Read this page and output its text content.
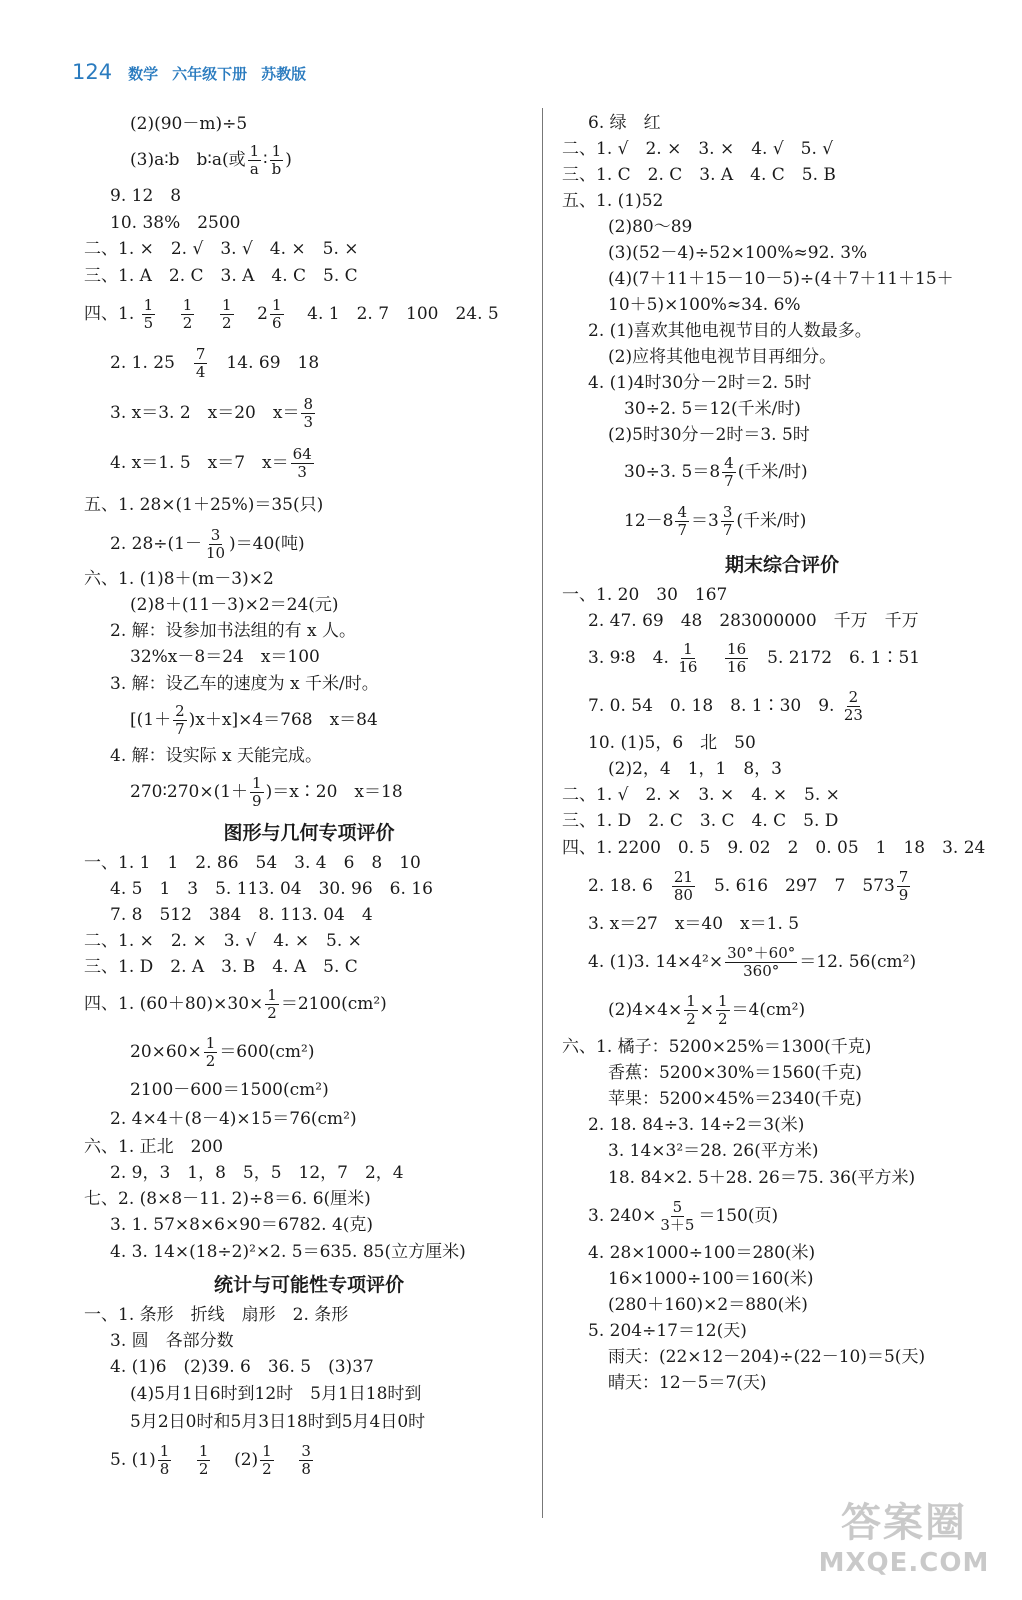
124 数学 六年级下册 苏教版
(2)(90－m)÷5
(3)a∶b　b∶a(或 $\frac{1}{a}$ ∶ $\frac{1}{b}$ )
9. 12　8
10. 38%　2500
二、1. ×　2. √　3. √　4. ×　5. ×
三、1. A　2. C　3. A　4. C　5. C
四、1. $\frac{1}{5}$

$\frac{1}{2}$

$\frac{1}{2}$

$2 \frac{1}{6}$

4. 1　2. 7　100　24. 5
2. 1. 25　 $\frac{7}{4}$ 　14. 69　18
3. x＝3. 2　x＝20　$x= \frac{8}{3}$
4. x＝1. 5　x＝7　$x= \frac{64}{3}$
五、1. 28×(1＋25%)＝35(只)
2. $28\div(1- \frac{3}{10} )=40$(吨)
六、1. (1)8＋(m－3)×2
(2)8＋(11－3)×2＝24(元)
2. 解：设参加书法组的有 x 人。
32%x－8＝24　x＝100
3. 解：设乙车的速度为 x 千米/时。
$[(1+ \frac{2}{7} )x+x]\times 4=768$　x＝84
4. 解：设实际 x 天能完成。
270∶270×(1＋ $\frac{1}{9}$ )＝x∶20　x＝18
图形与几何专项评价
一、1. 1　1　2. 86　54　3. 4　6　8　10
4. 5　1　3　5. 113. 04　30. 96　6. 16
7. 8　512　384　8. 113. 04　4
二、1. ×　2. ×　3. √　4. ×　5. ×
三、1. D　2. A　3. B　4. A　5. C
四、1. $(60+80)\times 30\times \frac{1}{2} =2100(cm^2)$
$20\times 60\times \frac{1}{2} =600(cm^2)$
2100－600＝1500(cm²)
2. 4×4＋(8－4)×15＝76(cm²)
六、1. 正北　200
2. 9，3　1，8　5，5　12，7　2，4
七、2. (8×8－11. 2)÷8＝6. 6(厘米)
3. 1. 57×8×6×90＝6782. 4(克)
4. 3. 14×(18÷2)²×2. 5＝635. 85(立方厘米)
统计与可能性专项评价
一、1. 条形　折线　扇形　2. 条形
3. 圆　各部分数
4. (1)6　(2)39. 6　36. 5　(3)37
(4)5月1日6时到12时　5月1日18时到
5月2日0时和5月3日18时到5月4日0时
5. $(1) \frac{1}{8}$

$\frac{1}{2}$

$(2) \frac{1}{2}$

$\frac{3}{8}$
6. 绿　红
二、1. √　2. ×　3. ×　4. √　5. √
三、1. C　2. C　3. A　4. C　5. B
五、1. (1)52
(2)80～89
(3)(52－4)÷52×100%≈92. 3%
(4)(7＋11＋15－10－5)÷(4＋7＋11＋15＋
10＋5)×100%≈34. 6%
2. (1)喜欢其他电视节目的人数最多。
(2)应将其他电视节目再细分。
4. (1)4时30分－2时＝2. 5时
30÷2. 5＝12(千米/时)
(2)5时30分－2时＝3. 5时
30÷3. $5=8 \frac{4}{7}$ (千米/时)
$12-8 \frac{4}{7} =3 \frac{3}{7}$ (千米/时)
期末综合评价
一、1. 20　30　167
2. 47. 69　48　283000000　千万　千万
3. 9∶8　4. $\frac{1}{16}$

$\frac{16}{16}$ 　5. 2172　6. 1∶51
7. 0. 54　0. 18　8. 1∶30　9. $\frac{2}{23}$
10. (1)5，6　北　50
(2)2，4　1，1　8，3
二、1. √　2. ×　3. ×　4. ×　5. ×
三、1. D　2. C　3. C　4. C　5. D
四、1. 2200　0. 5　9. 02　2　0. 05　1　18　3. 24
2. 18. 6　 $\frac{21}{80}$ 　5. 616　297　7　$573 \frac{7}{9}$
3. x＝27　x＝40　x＝1. 5
4. (1)3. $14\times 4^2\times \frac{30^\circ+60^\circ}{360^\circ} =12$. 56(cm²)
$(2)4\times 4\times \frac{1}{2} \times \frac{1}{2} =4(cm^2)$
六、1. 橘子：5200×25%＝1300(千克)
香蕉：5200×30%＝1560(千克)
苹果：5200×45%＝2340(千克)
2. 18. 84÷3. 14÷2＝3(米)
3. 14×3²＝28. 26(平方米)
18. 84×2. 5＋28. 26＝75. 36(平方米)
3. $240\times \frac{5}{3+5} =150$(页)
4. 28×1000÷100＝280(米)
16×1000÷100＝160(米)
(280＋160)×2＝880(米)
5. 204÷17＝12(天)
雨天：(22×12－204)÷(22－10)＝5(天)
晴天：12－5＝7(天)
答案圈
MXQE.COM
